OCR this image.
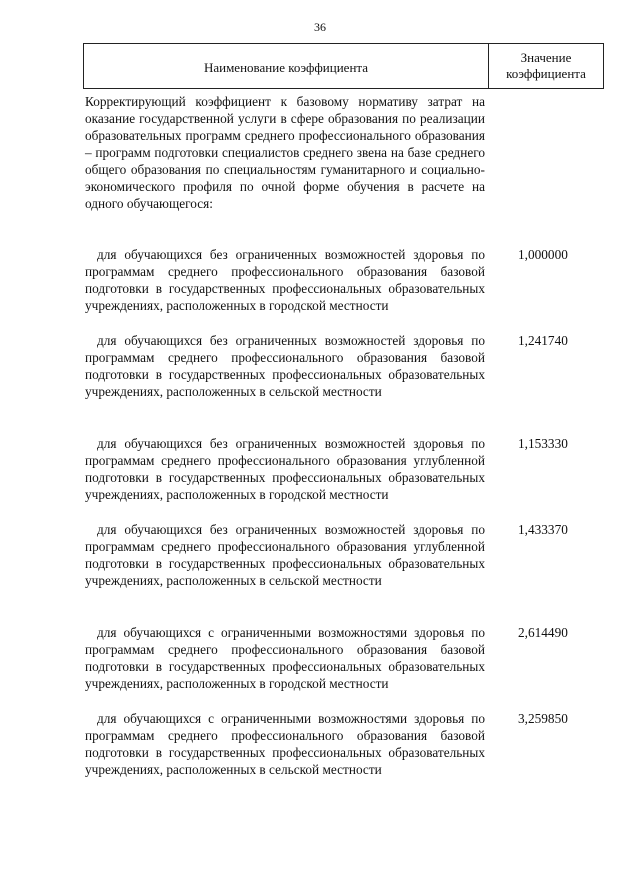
36
Наименование коэффициента
Значение
коэффициента

Корректирующий коэффициент к базовому нормативу затрат на оказание государственной услуги в сфере образования по реализации образовательных программ среднего профессионального образования – программ подготовки специалистов среднего звена на базе среднего общего образования по специальностям гуманитарного и социально-экономического профиля по очной форме обучения в расчете на одного обучающегося:

для обучающихся без ограниченных возможностей здоровья по программам среднего профессионального образования базовой подготовки в государственных профессиональных образовательных учреждениях, расположенных в городской местности

1,000000

для обучающихся без ограниченных возможностей здоровья по программам среднего профессионального образования базовой подготовки в государственных профессиональных образовательных учреждениях, расположенных в сельской местности

1,241740

для обучающихся без ограниченных возможностей здоровья по программам среднего профессионального образования углубленной подготовки в государственных профессиональных образовательных учреждениях, расположенных в городской местности

1,153330

для обучающихся без ограниченных возможностей здоровья по программам среднего профессионального образования углубленной подготовки в государственных профессиональных образовательных учреждениях, расположенных в сельской местности

1,433370

для обучающихся с ограниченными возможностями здоровья по программам среднего профессионального образования базовой подготовки в государственных профессиональных образовательных учреждениях, расположенных в городской местности

2,614490

для обучающихся с ограниченными возможностями здоровья по программам среднего профессионального образования базовой подготовки в государственных профессиональных образовательных учреждениях, расположенных в сельской местности

3,259850
